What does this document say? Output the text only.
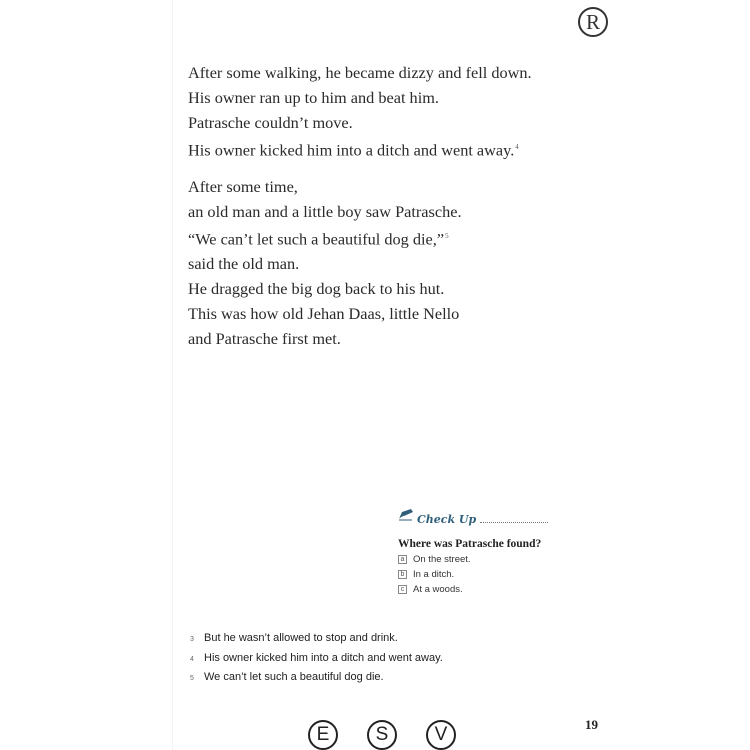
R
After some walking, he became dizzy and fell down.
His owner ran up to him and beat him.
Patrasche couldn’t move.
His owner kicked him into a ditch and went away.$^4$
After some time,
an old man and a little boy saw Patrasche.
“We can’t let such a beautiful dog die,”$^5$
said the old man.
He dragged the big dog back to his hut.
This was how old Jehan Daas, little Nello
and Patrasche first met.
Check Up
Where was Patrasche found?
a On the street.
b In a ditch.
c At a woods.
3 But he wasn’t allowed to stop and drink.
4 His owner kicked him into a ditch and went away.
5 We can’t let such a beautiful dog die.
E	S	V	19
